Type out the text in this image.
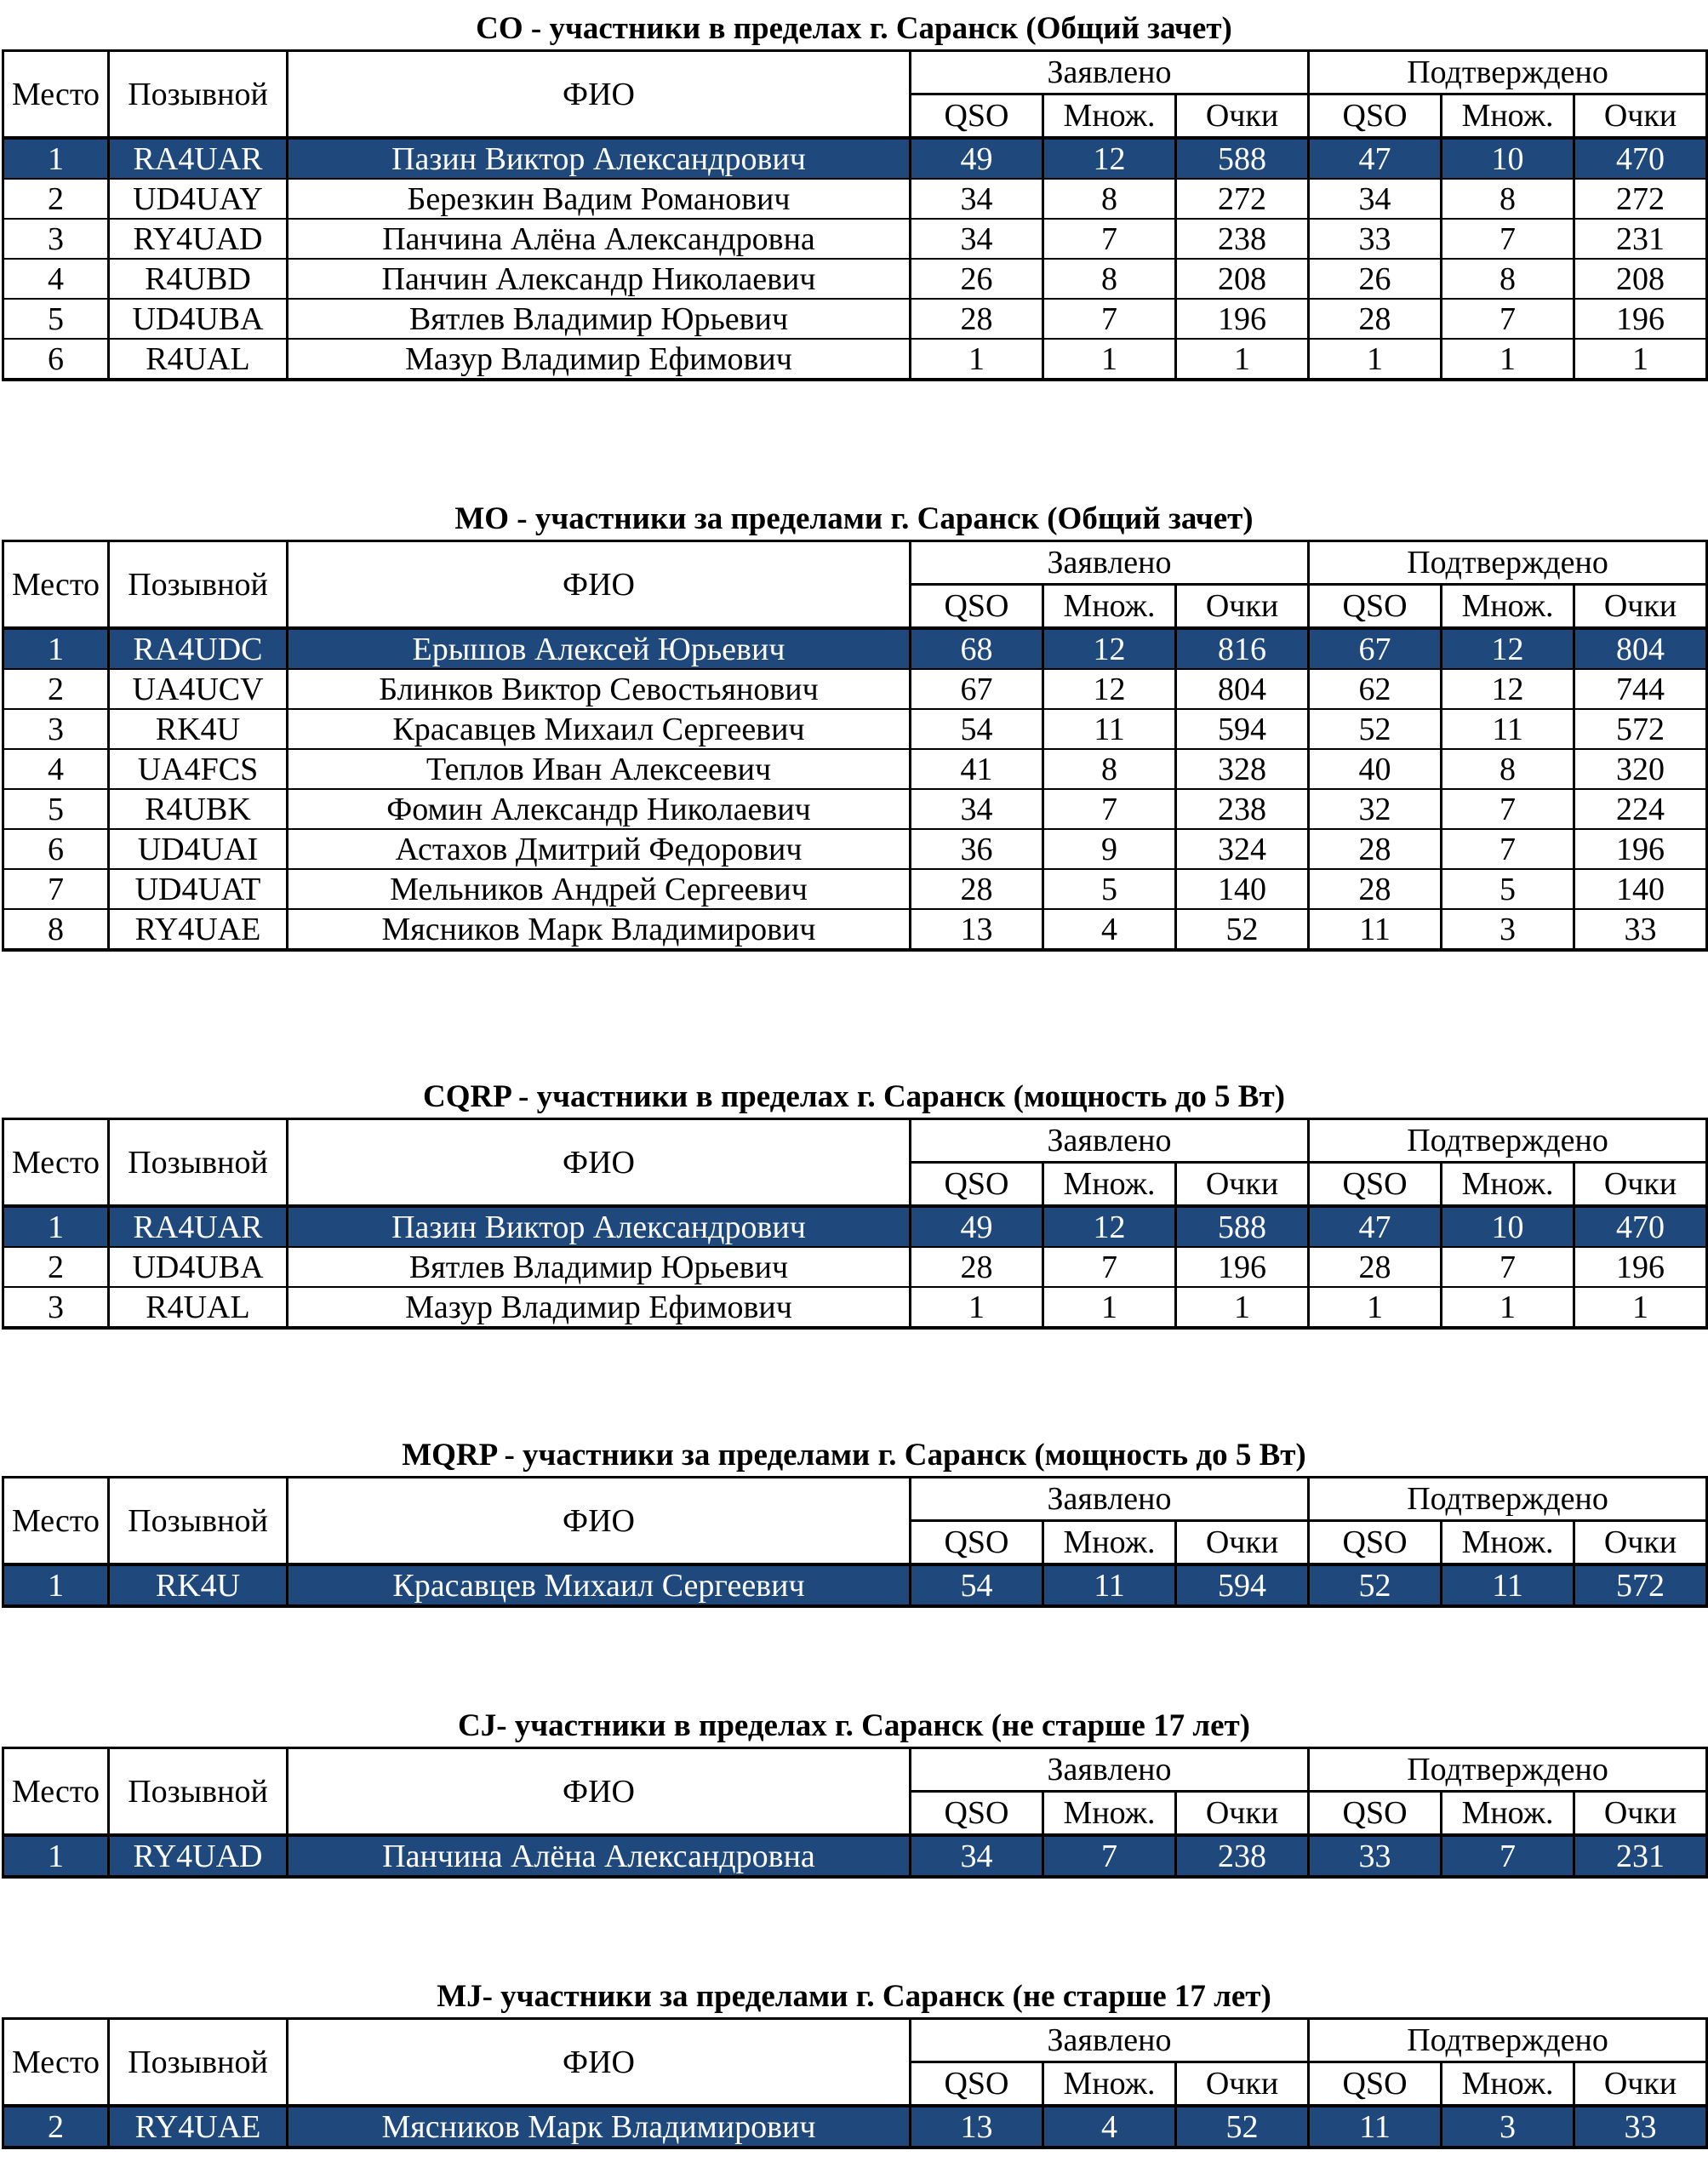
CO - участники в пределах г. Саранск (Общий зачет)
Место	Позывной	ФИО	Заявлено			Подтверждено		
			QSO	Множ.	Очки	QSO	Множ.	Очки
1	RA4UAR	Пазин Виктор Александрович	49	12	588	47	10	470
2	UD4UAY	Березкин Вадим Романович	34	8	272	34	8	272
3	RY4UAD	Панчина Алёна Александровна	34	7	238	33	7	231
4	R4UBD	Панчин Александр Николаевич	26	8	208	26	8	208
5	UD4UBA	Вятлев Владимир Юрьевич	28	7	196	28	7	196
6	R4UAL	Мазур Владимир Ефимович	1	1	1	1	1	1
MO - участники за пределами г. Саранск (Общий зачет)
Место	Позывной	ФИО	Заявлено			Подтверждено		
			QSO	Множ.	Очки	QSO	Множ.	Очки
1	RA4UDC	Ерышов Алексей Юрьевич	68	12	816	67	12	804
2	UA4UCV	Блинков Виктор Севостьянович	67	12	804	62	12	744
3	RK4U	Красавцев Михаил Сергеевич	54	11	594	52	11	572
4	UA4FCS	Теплов Иван Алексеевич	41	8	328	40	8	320
5	R4UBK	Фомин Александр Николаевич	34	7	238	32	7	224
6	UD4UAI	Астахов Дмитрий Федорович	36	9	324	28	7	196
7	UD4UAT	Мельников Андрей Сергеевич	28	5	140	28	5	140
8	RY4UAE	Мясников Марк Владимирович	13	4	52	11	3	33
CQRP - участники в пределах г. Саранск (мощность до 5 Вт)
Место	Позывной	ФИО	Заявлено			Подтверждено		
			QSO	Множ.	Очки	QSO	Множ.	Очки
1	RA4UAR	Пазин Виктор Александрович	49	12	588	47	10	470
2	UD4UBA	Вятлев Владимир Юрьевич	28	7	196	28	7	196
3	R4UAL	Мазур Владимир Ефимович	1	1	1	1	1	1
MQRP - участники за пределами г. Саранск (мощность до 5 Вт)
Место	Позывной	ФИО	Заявлено			Подтверждено		
			QSO	Множ.	Очки	QSO	Множ.	Очки
1	RK4U	Красавцев Михаил Сергеевич	54	11	594	52	11	572
CJ- участники в пределах г. Саранск (не старше 17 лет)
Место	Позывной	ФИО	Заявлено			Подтверждено		
			QSO	Множ.	Очки	QSO	Множ.	Очки
1	RY4UAD	Панчина Алёна Александровна	34	7	238	33	7	231
MJ- участники за пределами г. Саранск (не старше 17 лет)
Место	Позывной	ФИО	Заявлено			Подтверждено		
			QSO	Множ.	Очки	QSO	Множ.	Очки
2	RY4UAE	Мясников Марк Владимирович	13	4	52	11	3	33
